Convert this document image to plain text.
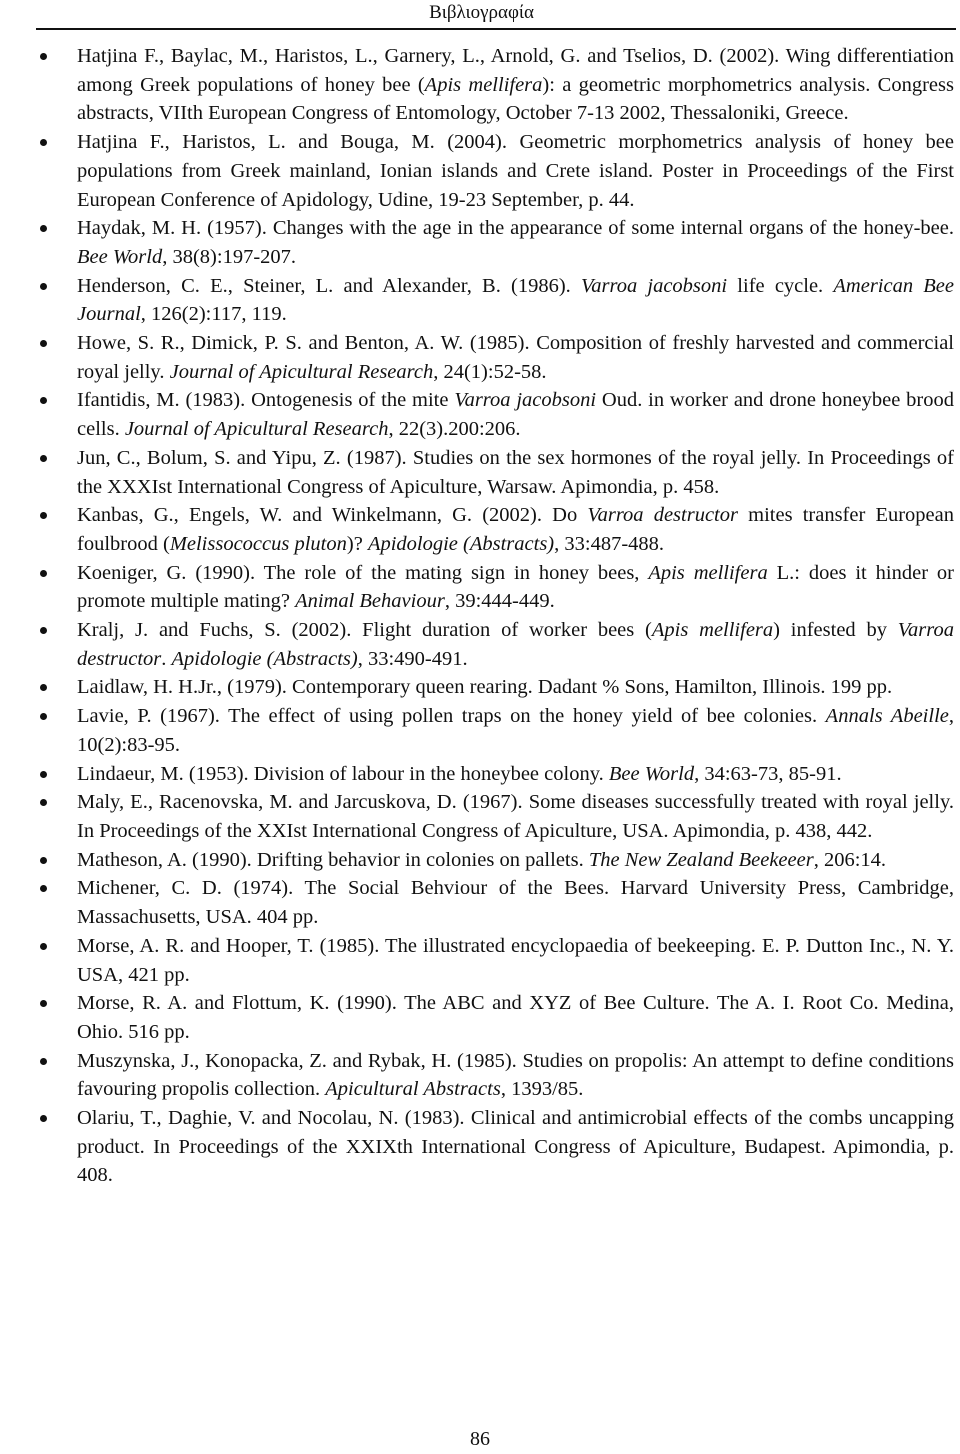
Βιβλιογραφία
Hatjina F., Baylac, M., Haristos, L., Garnery, L., Arnold, G. and Tselios, D. (2002). Wing differentiation among Greek populations of honey bee (Apis mellifera): a geometric morphometrics analysis. Congress abstracts, VIIth European Congress of Entomology, October 7-13 2002, Thessaloniki, Greece.
Hatjina F., Haristos, L. and Bouga, M. (2004). Geometric morphometrics analysis of honey bee populations from Greek mainland, Ionian islands and Crete island. Poster in Proceedings of the First European Conference of Apidology, Udine, 19-23 September, p. 44.
Haydak, M. H. (1957). Changes with the age in the appearance of some internal organs of the honey-bee. Bee World, 38(8):197-207.
Henderson, C. E., Steiner, L. and Alexander, B. (1986). Varroa jacobsoni life cycle. American Bee Journal, 126(2):117, 119.
Howe, S. R., Dimick, P. S. and Benton, A. W. (1985). Composition of freshly harvested and commercial royal jelly. Journal of Apicultural Research, 24(1):52-58.
Ifantidis, M. (1983). Ontogenesis of the mite Varroa jacobsoni Oud. in worker and drone honeybee brood cells. Journal of Apicultural Research, 22(3).200:206.
Jun, C., Bolum, S. and Yipu, Z. (1987). Studies on the sex hormones of the royal jelly. In Proceedings of the XXXIst International Congress of Apiculture, Warsaw. Apimondia, p. 458.
Kanbas, G., Engels, W. and Winkelmann, G. (2002). Do Varroa destructor mites transfer European foulbrood (Melissococcus pluton)? Apidologie (Abstracts), 33:487-488.
Koeniger, G. (1990). The role of the mating sign in honey bees, Apis mellifera L.: does it hinder or promote multiple mating? Animal Behaviour, 39:444-449.
Kralj, J. and Fuchs, S. (2002). Flight duration of worker bees (Apis mellifera) infested by Varroa destructor. Apidologie (Abstracts), 33:490-491.
Laidlaw, H. H.Jr., (1979). Contemporary queen rearing. Dadant % Sons, Hamilton, Illinois. 199 pp.
Lavie, P. (1967). The effect of using pollen traps on the honey yield of bee colonies. Annals Abeille, 10(2):83-95.
Lindaeur, M. (1953). Division of labour in the honeybee colony. Bee World, 34:63-73, 85-91.
Maly, E., Racenovska, M. and Jarcuskova, D. (1967). Some diseases successfully treated with royal jelly. In Proceedings of the XXIst International Congress of Apiculture, USA. Apimondia, p. 438, 442.
Matheson, A. (1990). Drifting behavior in colonies on pallets. The New Zealand Beekeeer, 206:14.
Michener, C. D. (1974). The Social Behviour of the Bees. Harvard University Press, Cambridge, Massachusetts, USA. 404 pp.
Morse, A. R. and Hooper, T. (1985). The illustrated encyclopaedia of beekeeping. E. P. Dutton Inc., N. Y. USA, 421 pp.
Morse, R. A. and Flottum, K. (1990). The ABC and XYZ of Bee Culture. The A. I. Root Co. Medina, Ohio. 516 pp.
Muszynska, J., Konopacka, Z. and Rybak, H. (1985). Studies on propolis: An attempt to define conditions favouring propolis collection. Apicultural Abstracts, 1393/85.
Olariu, T., Daghie, V. and Nocolau, N. (1983). Clinical and antimicrobial effects of the combs uncapping product. In Proceedings of the XXIXth International Congress of Apiculture, Budapest. Apimondia, p. 408.
86
